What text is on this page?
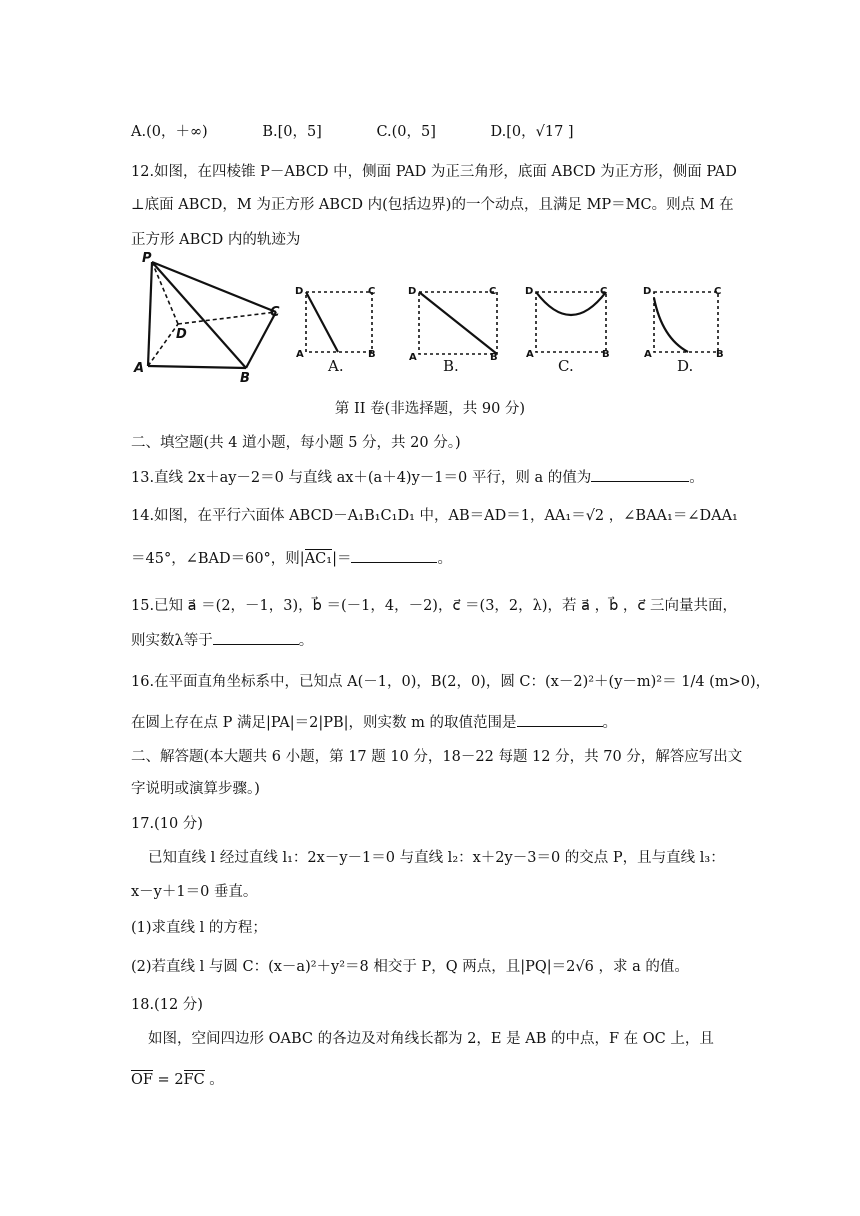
A.(0，＋∞)	B.[0，5]	C.(0，5]	D.[0，√17 ]
12.如图，在四棱锥 P－ABCD 中，侧面 PAD 为正三角形，底面 ABCD 为正方形，侧面 PAD
⊥底面 ABCD，M 为正方形 ABCD 内(包括边界)的一个动点，且满足 MP＝MC。则点 M 在
正方形 ABCD 内的轨迹为
P
A
B
C
D
D	C
A	B
A.
D	C
A	B
B.
D	C
A	B
C.
D	C
A	B
D.
第 II 卷(非选择题，共 90 分)
二、填空题(共 4 道小题，每小题 5 分，共 20 分。)
13.直线 2x＋ay－2＝0 与直线 ax＋(a＋4)y－1＝0 平行，则 a 的值为	。
14.如图，在平行六面体 ABCD－A₁B₁C₁D₁ 中，AB＝AD＝1，AA₁＝√2 ，∠BAA₁＝∠DAA₁
＝45°，∠BAD＝60°，则|AC₁|＝	。
15.已知 a⃗ ＝(2，－1，3)，b⃗ ＝(－1，4，－2)，c⃗ ＝(3，2，λ)，若 a⃗ ，b⃗ ，c⃗ 三向量共面，
则实数λ等于	。
16.在平面直角坐标系中，已知点 A(－1，0)，B(2，0)，圆 C：(x－2)²＋(y－m)²＝ 1/4 (m>0)，
在圆上存在点 P 满足|PA|＝2|PB|，则实数 m 的取值范围是	。
二、解答题(本大题共 6 小题，第 17 题 10 分，18－22 每题 12 分，共 70 分，解答应写出文
字说明或演算步骤。)
17.(10 分)
已知直线 l 经过直线 l₁：2x－y－1＝0 与直线 l₂：x＋2y－3＝0 的交点 P，且与直线 l₃：
x－y＋1＝0 垂直。
(1)求直线 l 的方程；
(2)若直线 l 与圆 C：(x－a)²＋y²＝8 相交于 P，Q 两点，且|PQ|＝2√6 ，求 a 的值。
18.(12 分)
如图，空间四边形 OABC 的各边及对角线长都为 2，E 是 AB 的中点，F 在 OC 上，且
OF = 2FC 。
